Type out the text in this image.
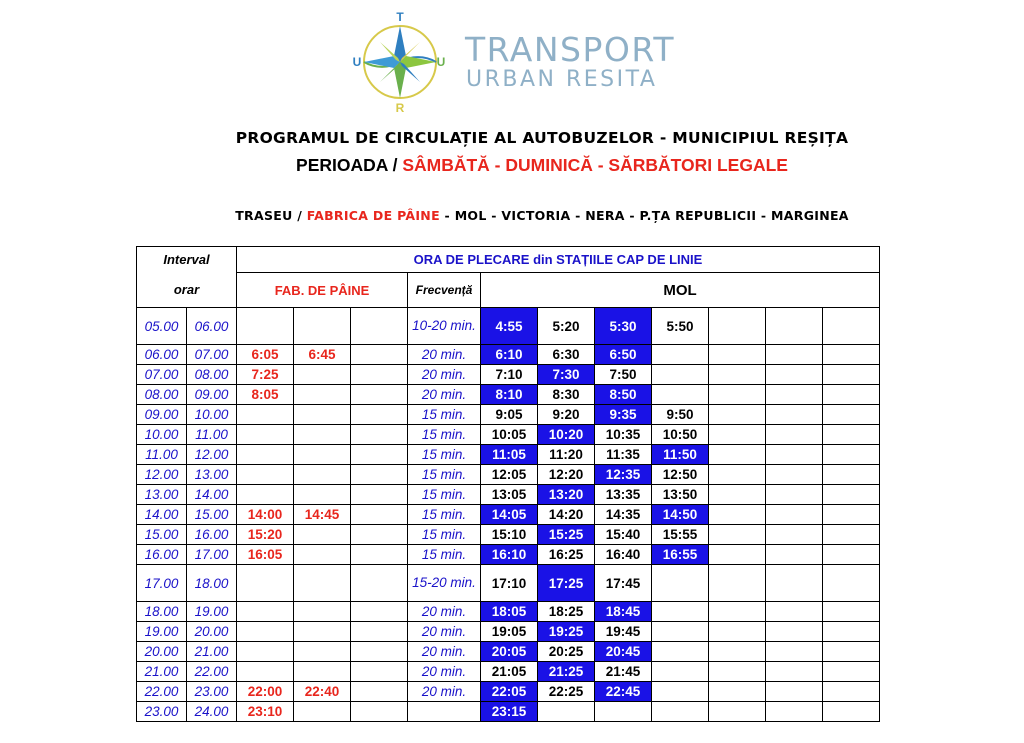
T
U	U
R
TRANSPORT
URBAN RESITA
PROGRAMUL DE CIRCULAȚIE AL AUTOBUZELOR - MUNICIPIUL REȘIȚA
PERIOADA / SÂMBĂTĂ - DUMINICĂ - SĂRBĂTORI LEGALE
TRASEU / FABRICA DE PÂINE - MOL - VICTORIA - NERA - P.ȚA REPUBLICII - MARGINEA
Interval		ORA DE PLECARE din STAȚIILE CAP DE LINIE										
orar		FAB. DE PÂINE			Frecvență	MOL						
05.00	06.00				10-20 min.	4:55	5:20	5:30	5:50			
06.00	07.00	6:05	6:45		20 min.	6:10	6:30	6:50				
07.00	08.00	7:25			20 min.	7:10	7:30	7:50				
08.00	09.00	8:05			20 min.	8:10	8:30	8:50				
09.00	10.00				15 min.	9:05	9:20	9:35	9:50			
10.00	11.00				15 min.	10:05	10:20	10:35	10:50			
11.00	12.00				15 min.	11:05	11:20	11:35	11:50			
12.00	13.00				15 min.	12:05	12:20	12:35	12:50			
13.00	14.00				15 min.	13:05	13:20	13:35	13:50			
14.00	15.00	14:00	14:45		15 min.	14:05	14:20	14:35	14:50			
15.00	16.00	15:20			15 min.	15:10	15:25	15:40	15:55			
16.00	17.00	16:05			15 min.	16:10	16:25	16:40	16:55			
17.00	18.00				15-20 min.	17:10	17:25	17:45				
18.00	19.00				20 min.	18:05	18:25	18:45				
19.00	20.00				20 min.	19:05	19:25	19:45				
20.00	21.00				20 min.	20:05	20:25	20:45				
21.00	22.00				20 min.	21:05	21:25	21:45				
22.00	23.00	22:00	22:40		20 min.	22:05	22:25	22:45				
23.00	24.00	23:10				23:15						
